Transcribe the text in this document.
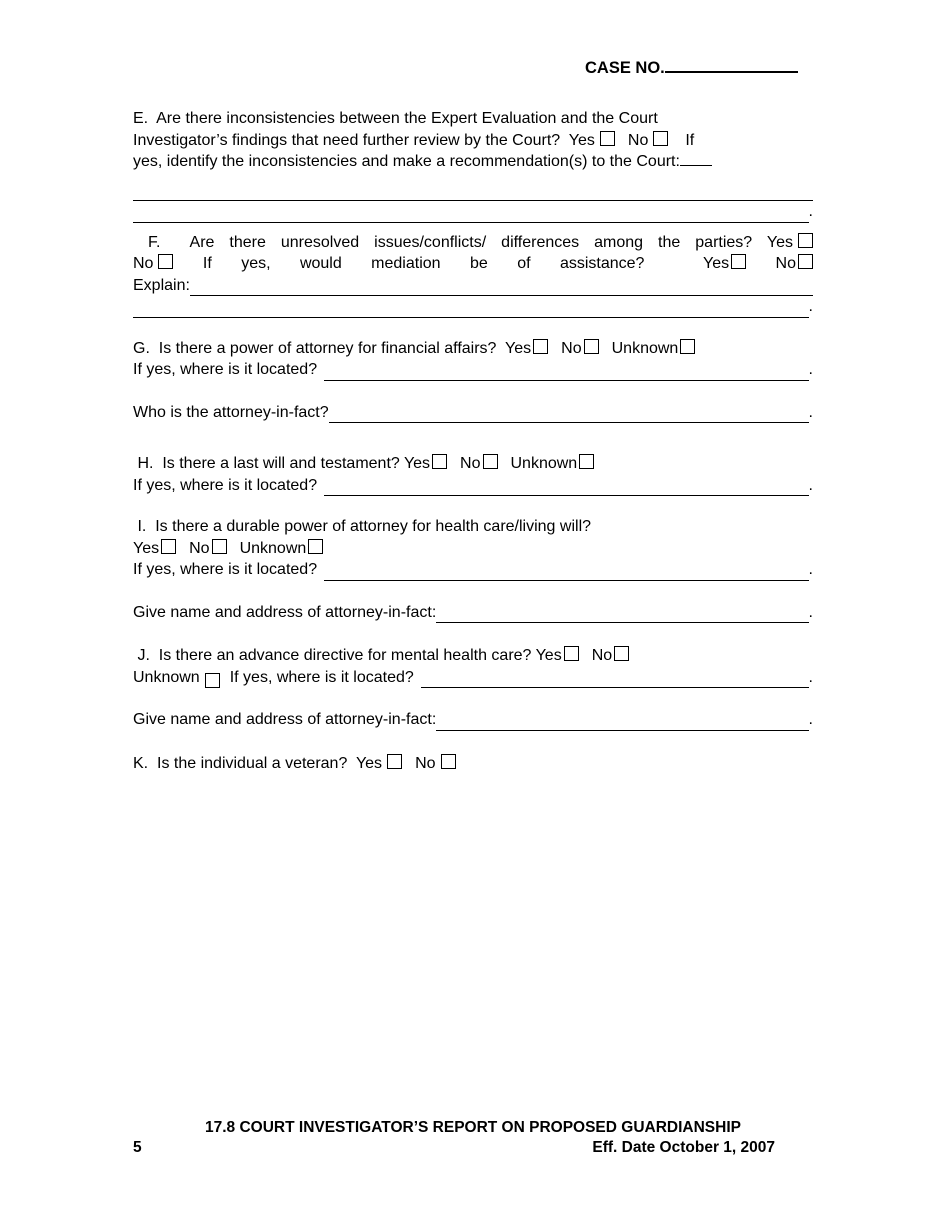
CASE NO.
E.  Are there inconsistencies between the Expert Evaluation and the Court
Investigator’s findings that need further review by the Court?  Yes No If
yes, identify the inconsistencies and make a recommendation(s) to the Court:
.
F.  Are there unresolved issues/conflicts/ differences among the parties? Yes
No	If yes, would mediation be of assistance?  Yes	No
Explain:
.
G.  Is there a power of attorney for financial affairs?  Yes No Unknown
If yes, where is it located?	.
Who is the attorney-in-fact?	.
H.  Is there a last will and testament? Yes No Unknown
If yes, where is it located?	.
I.  Is there a durable power of attorney for health care/living will?
Yes No Unknown
If yes, where is it located?	.
Give name and address of attorney-in-fact:	.
J.  Is there an advance directive for mental health care? Yes No
Unknown If yes, where is it located?	.
Give name and address of attorney-in-fact:	.
K.  Is the individual a veteran?  Yes No
17.8 COURT INVESTIGATOR’S REPORT ON PROPOSED GUARDIANSHIP
5	Eff. Date October 1, 2007
